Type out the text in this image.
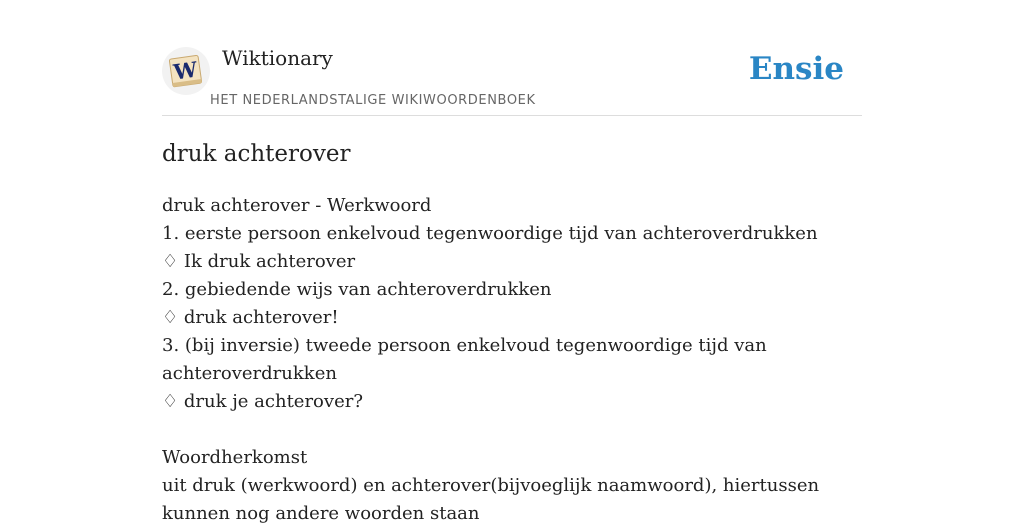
W Wiktionary
HET NEDERLANDSTALIGE WIKIWOORDENBOEK
Ensie
druk achterover
druk achterover - Werkwoord
1. eerste persoon enkelvoud tegenwoordige tijd van achteroverdrukken
♢ Ik druk achterover
2. gebiedende wijs van achteroverdrukken
♢ druk achterover!
3. (bij inversie) tweede persoon enkelvoud tegenwoordige tijd van achteroverdrukken
♢ druk je achterover?
Woordherkomst
uit druk (werkwoord) en achterover(bijvoeglijk naamwoord), hiertussen kunnen nog andere woorden staan
